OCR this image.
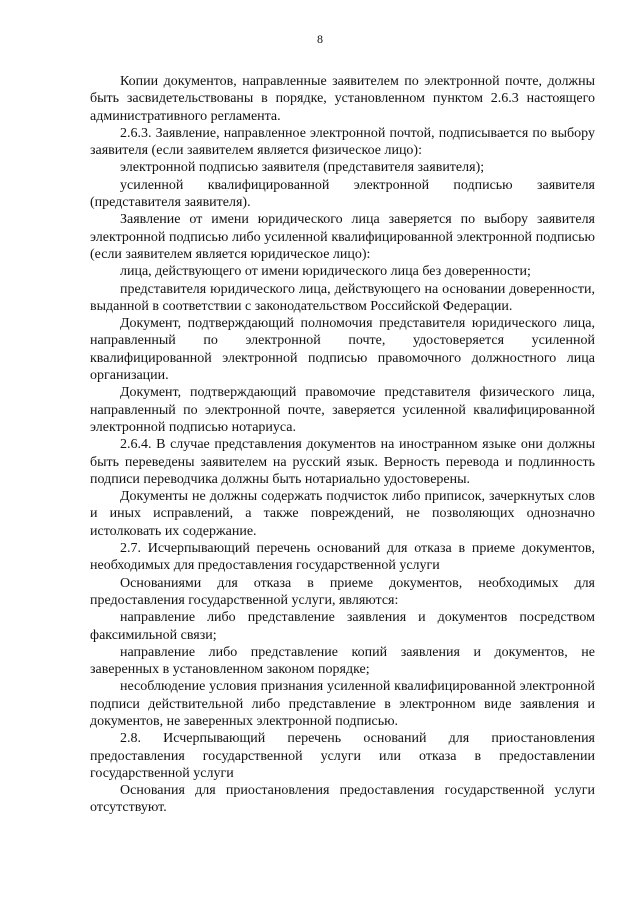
8

Копии документов, направленные заявителем по электронной почте, должны быть засвидетельствованы в порядке, установленном пунктом 2.6.3 настоящего административного регламента.

2.6.3. Заявление, направленное электронной почтой, подписывается по выбору заявителя (если заявителем является физическое лицо):

электронной подписью заявителя (представителя заявителя);

усиленной квалифицированной электронной подписью заявителя (представителя заявителя).

Заявление от имени юридического лица заверяется по выбору заявителя электронной подписью либо усиленной квалифицированной электронной подписью (если заявителем является юридическое лицо):

лица, действующего от имени юридического лица без доверенности;

представителя юридического лица, действующего на основании доверенности, выданной в соответствии с законодательством Российской Федерации.

Документ, подтверждающий полномочия представителя юридического лица, направленный по электронной почте, удостоверяется усиленной квалифицированной электронной подписью правомочного должностного лица организации.

Документ, подтверждающий правомочие представителя физического лица, направленный по электронной почте, заверяется усиленной квалифицированной электронной подписью нотариуса.

2.6.4. В случае представления документов на иностранном языке они должны быть переведены заявителем на русский язык. Верность перевода и подлинность подписи переводчика должны быть нотариально удостоверены.

Документы не должны содержать подчисток либо приписок, зачеркнутых слов и иных исправлений, а также повреждений, не позволяющих однозначно истолковать их содержание.

2.7. Исчерпывающий перечень оснований для отказа в приеме документов, необходимых для предоставления государственной услуги

Основаниями для отказа в приеме документов, необходимых для предоставления государственной услуги, являются:

направление либо представление заявления и документов посредством факсимильной связи;

направление либо представление копий заявления и документов, не заверенных в установленном законом порядке;

несоблюдение условия признания усиленной квалифицированной электронной подписи действительной либо представление в электронном виде заявления и документов, не заверенных электронной подписью.

2.8. Исчерпывающий перечень оснований для приостановления предоставления государственной услуги или отказа в предоставлении государственной услуги

Основания для приостановления предоставления государственной услуги отсутствуют.
